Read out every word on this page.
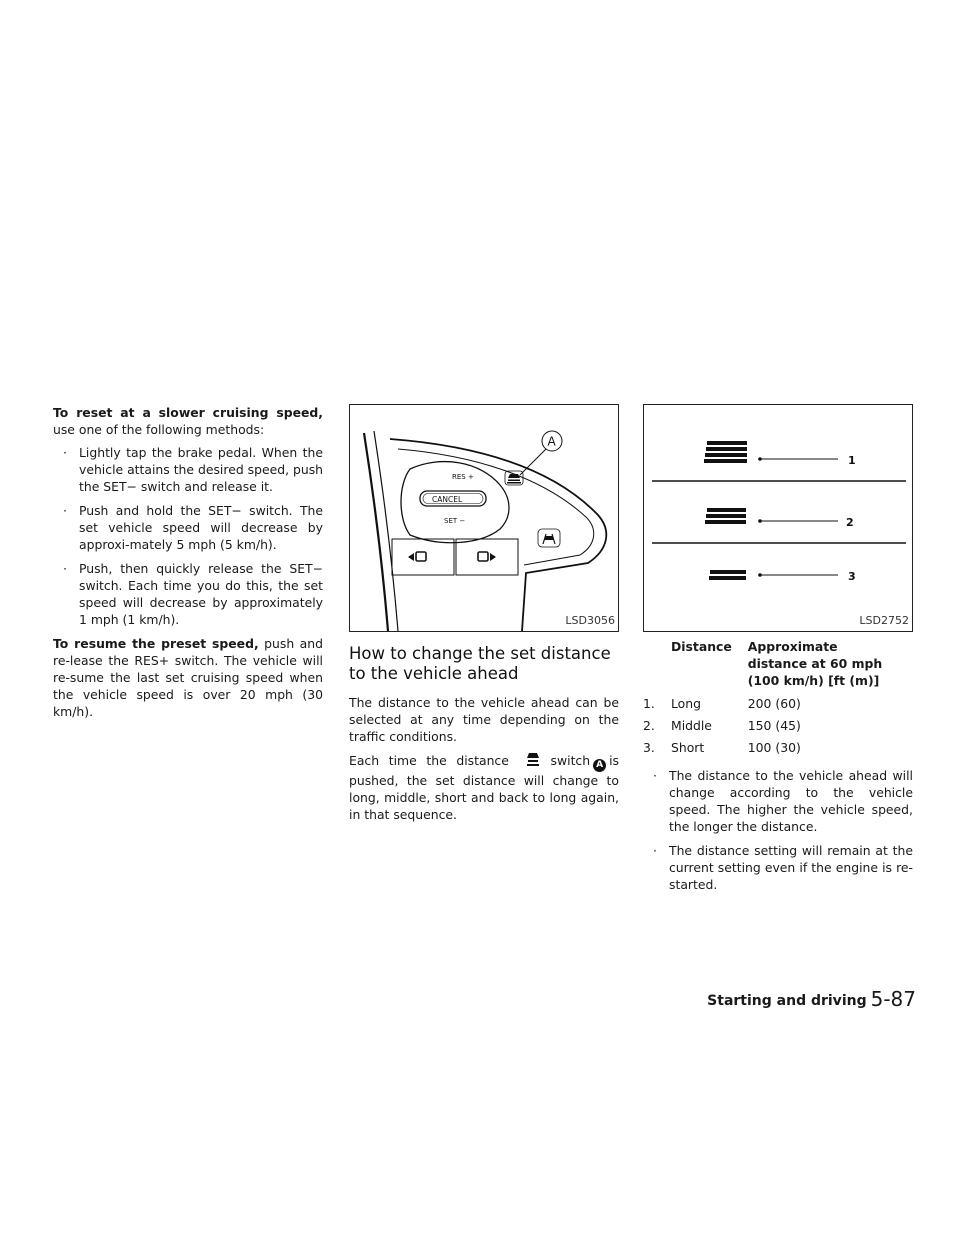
To reset at a slower cruising speed, use one of the following methods:

· Lightly tap the brake pedal. When the vehicle attains the desired speed, push the SET− switch and release it.
· Push and hold the SET− switch. The set vehicle speed will decrease by approxi-mately 5 mph (5 km/h).
· Push, then quickly release the SET− switch. Each time you do this, the set speed will decrease by approximately 1 mph (1 km/h).

To resume the preset speed, push and re-lease the RES+ switch. The vehicle will re-sume the last set cruising speed when the vehicle speed is over 20 mph (30 km/h).

RES +
CANCEL
SET −
A
LSD3056
How to change the set distance to the vehicle ahead

The distance to the vehicle ahead can be selected at any time depending on the traffic conditions.

Each time the distance	switch A is pushed, the set distance will change to long, middle, short and back to long again, in that sequence.

1
2
3
LSD2752
Distance		Approximate distance at 60 mph (100 km/h) [ft (m)]
1.	Long	200 (60)
2.	Middle	150 (45)
3.	Short	100 (30)
· The distance to the vehicle ahead will change according to the vehicle speed. The higher the vehicle speed, the longer the distance.
· The distance setting will remain at the current setting even if the engine is re-started.
Starting and driving 5-87
